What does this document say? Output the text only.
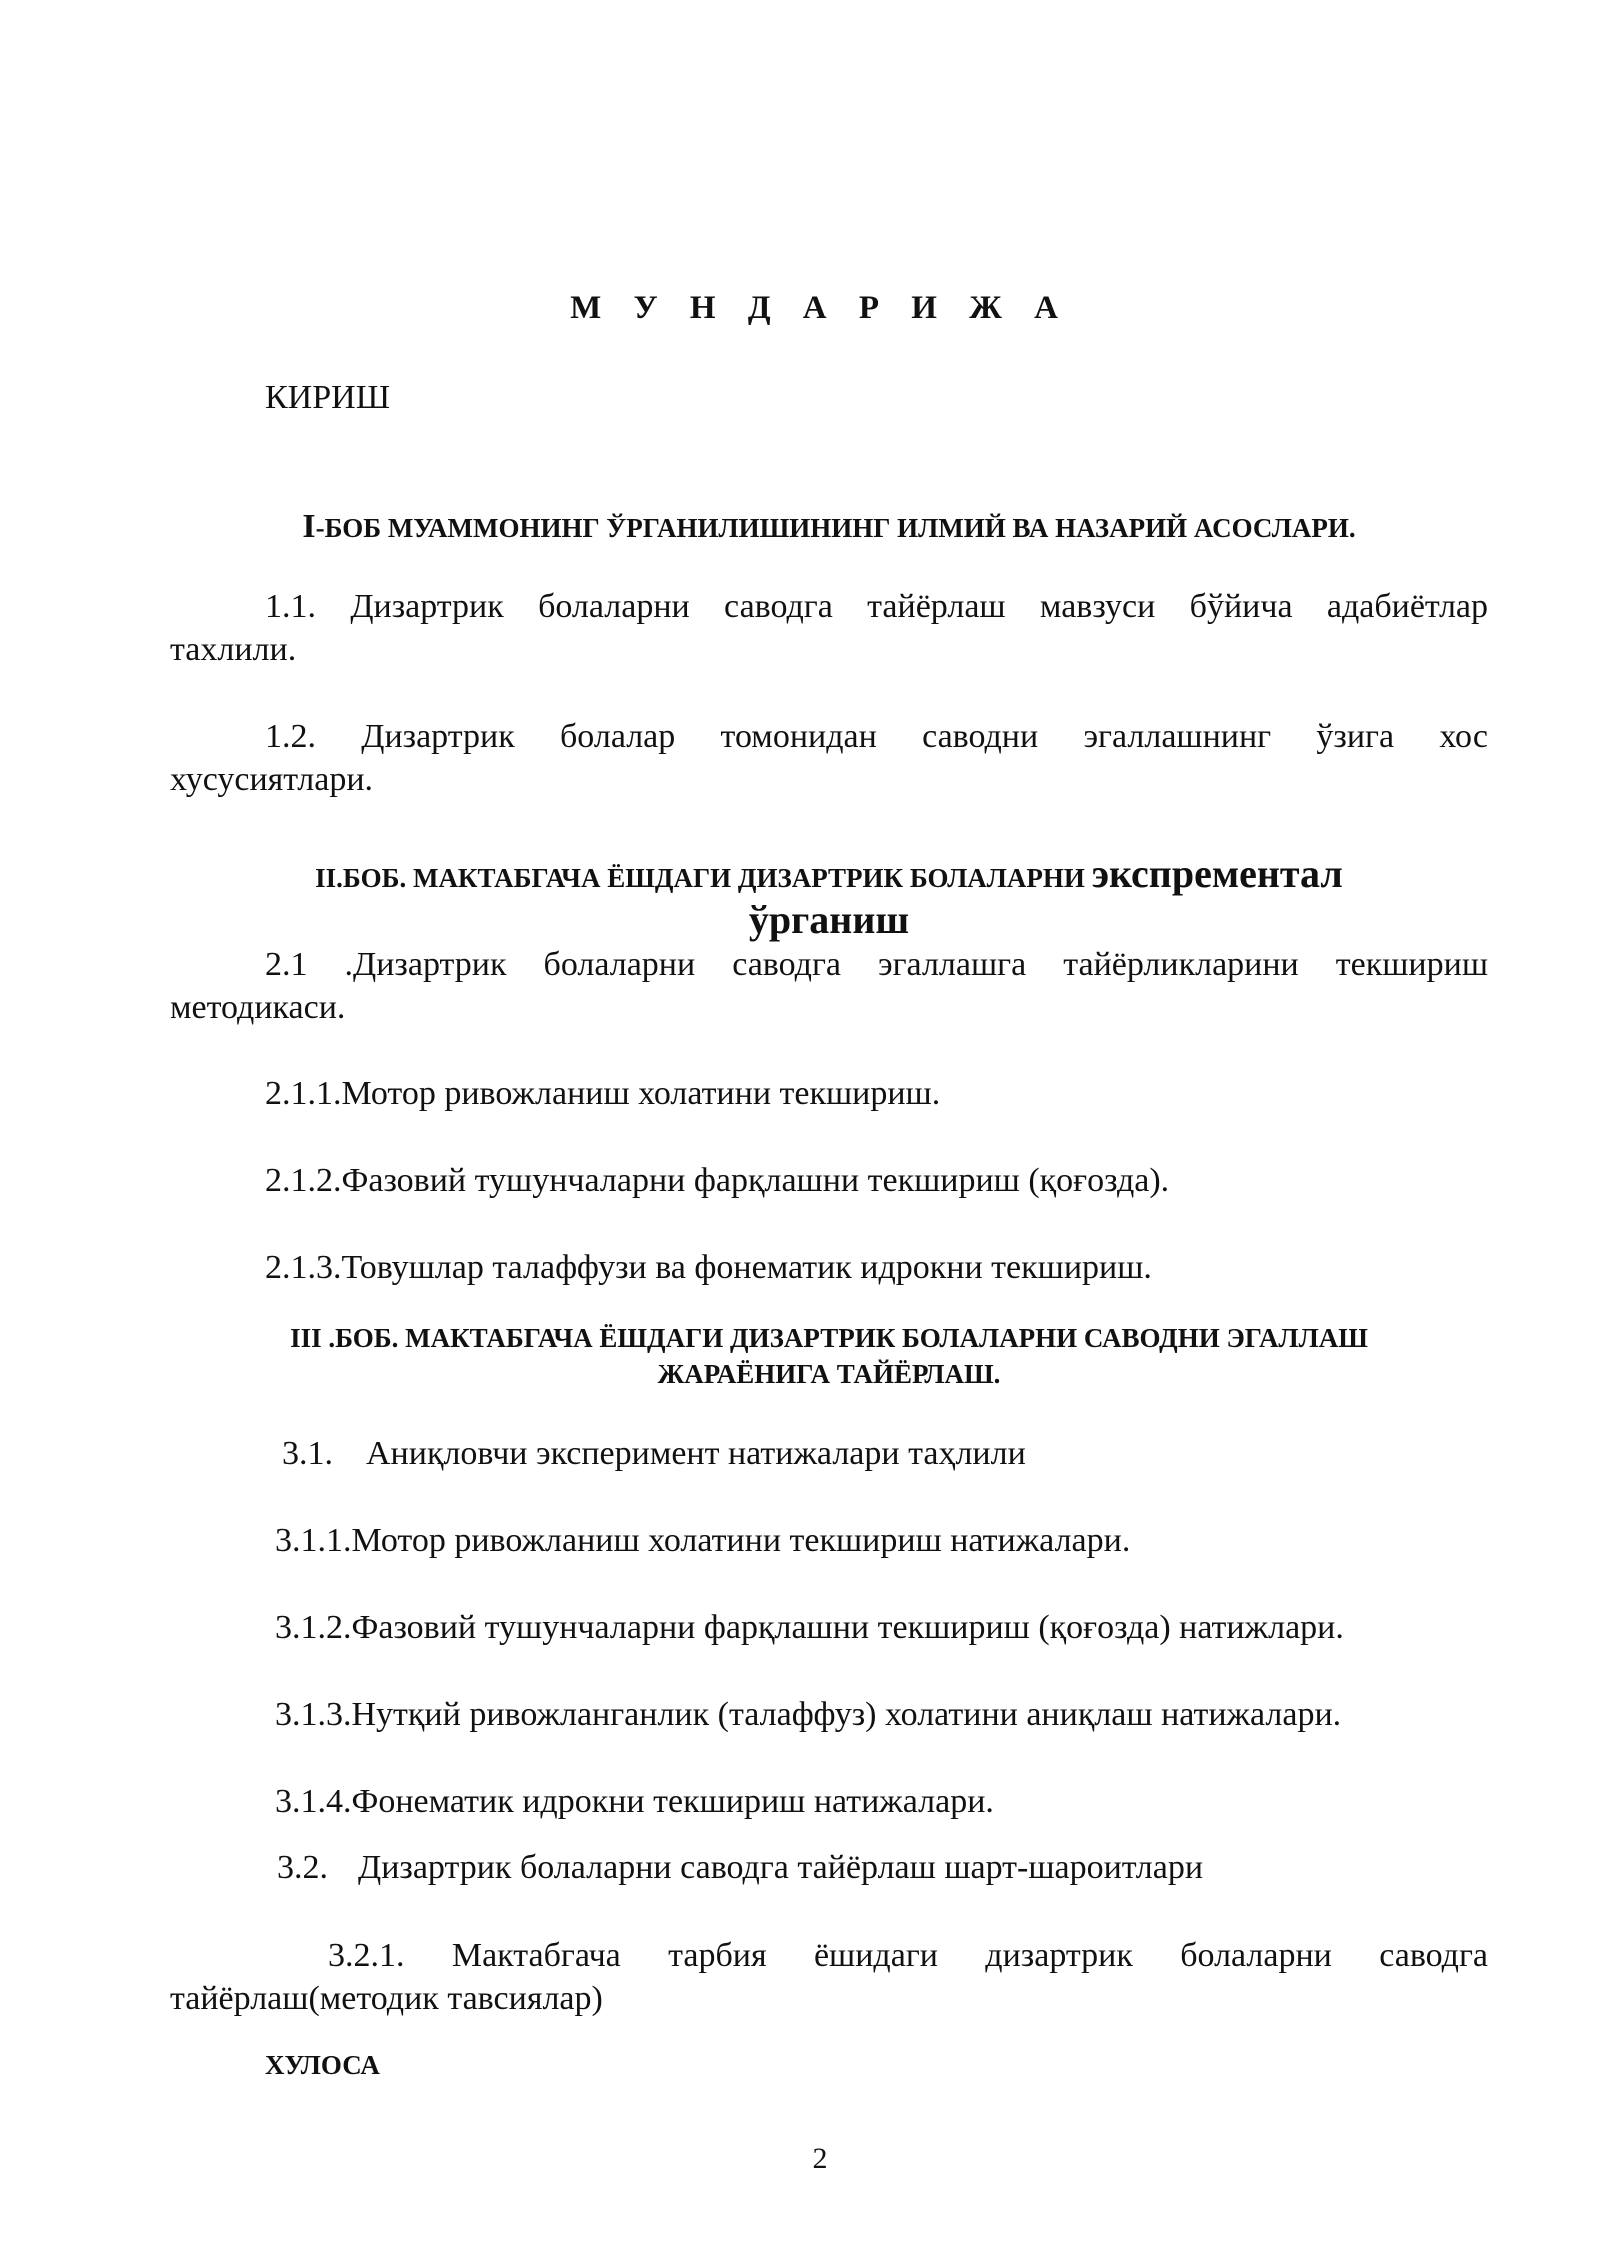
М У Н Д А Р И Ж А
КИРИШ
I-БОБ МУАММОНИНГ ЎРГАНИЛИШИНИНГ ИЛМИЙ ВА НАЗАРИЙ АСОСЛАРИ.
1.1. Дизартрик болаларни саводга тайёрлаш мавзуси бўйича адабиётлар
тахлили.
1.2. Дизартрик болалар томонидан саводни эгаллашнинг ўзига хос
хусусиятлари.
II.БОБ. МАКТАБГАЧА ЁШДАГИ ДИЗАРТРИК БОЛАЛАРНИ экспрементал
ўрганиш
2.1 .Дизартрик болаларни саводга эгаллашга тайёрликларини текшириш
методикаси.
2.1.1.Мотор ривожланиш холатини текшириш.
2.1.2.Фазовий тушунчаларни фарқлашни текшириш (қоғозда).
2.1.3.Товушлар талаффузи ва фонематик идрокни текшириш.
III .БОБ. МАКТАБГАЧА ЁШДАГИ ДИЗАРТРИК БОЛАЛАРНИ САВОДНИ ЭГАЛЛАШ
ЖАРАЁНИГА ТАЙЁРЛАШ.
3.1. Аниқловчи эксперимент натижалари таҳлили
3.1.1.Мотор ривожланиш холатини текшириш натижалари.
3.1.2.Фазовий тушунчаларни фарқлашни текшириш (қоғозда) натижлари.
3.1.3.Нутқий ривожланганлик (талаффуз) холатини аниқлаш натижалари.
3.1.4.Фонематик идрокни текшириш натижалари.
3.2. Дизартрик болаларни саводга тайёрлаш шарт-шароитлари
3.2.1. Мактабгача тарбия ёшидаги дизартрик болаларни саводга
тайёрлаш(методик тавсиялар)
ХУЛОСА
2
